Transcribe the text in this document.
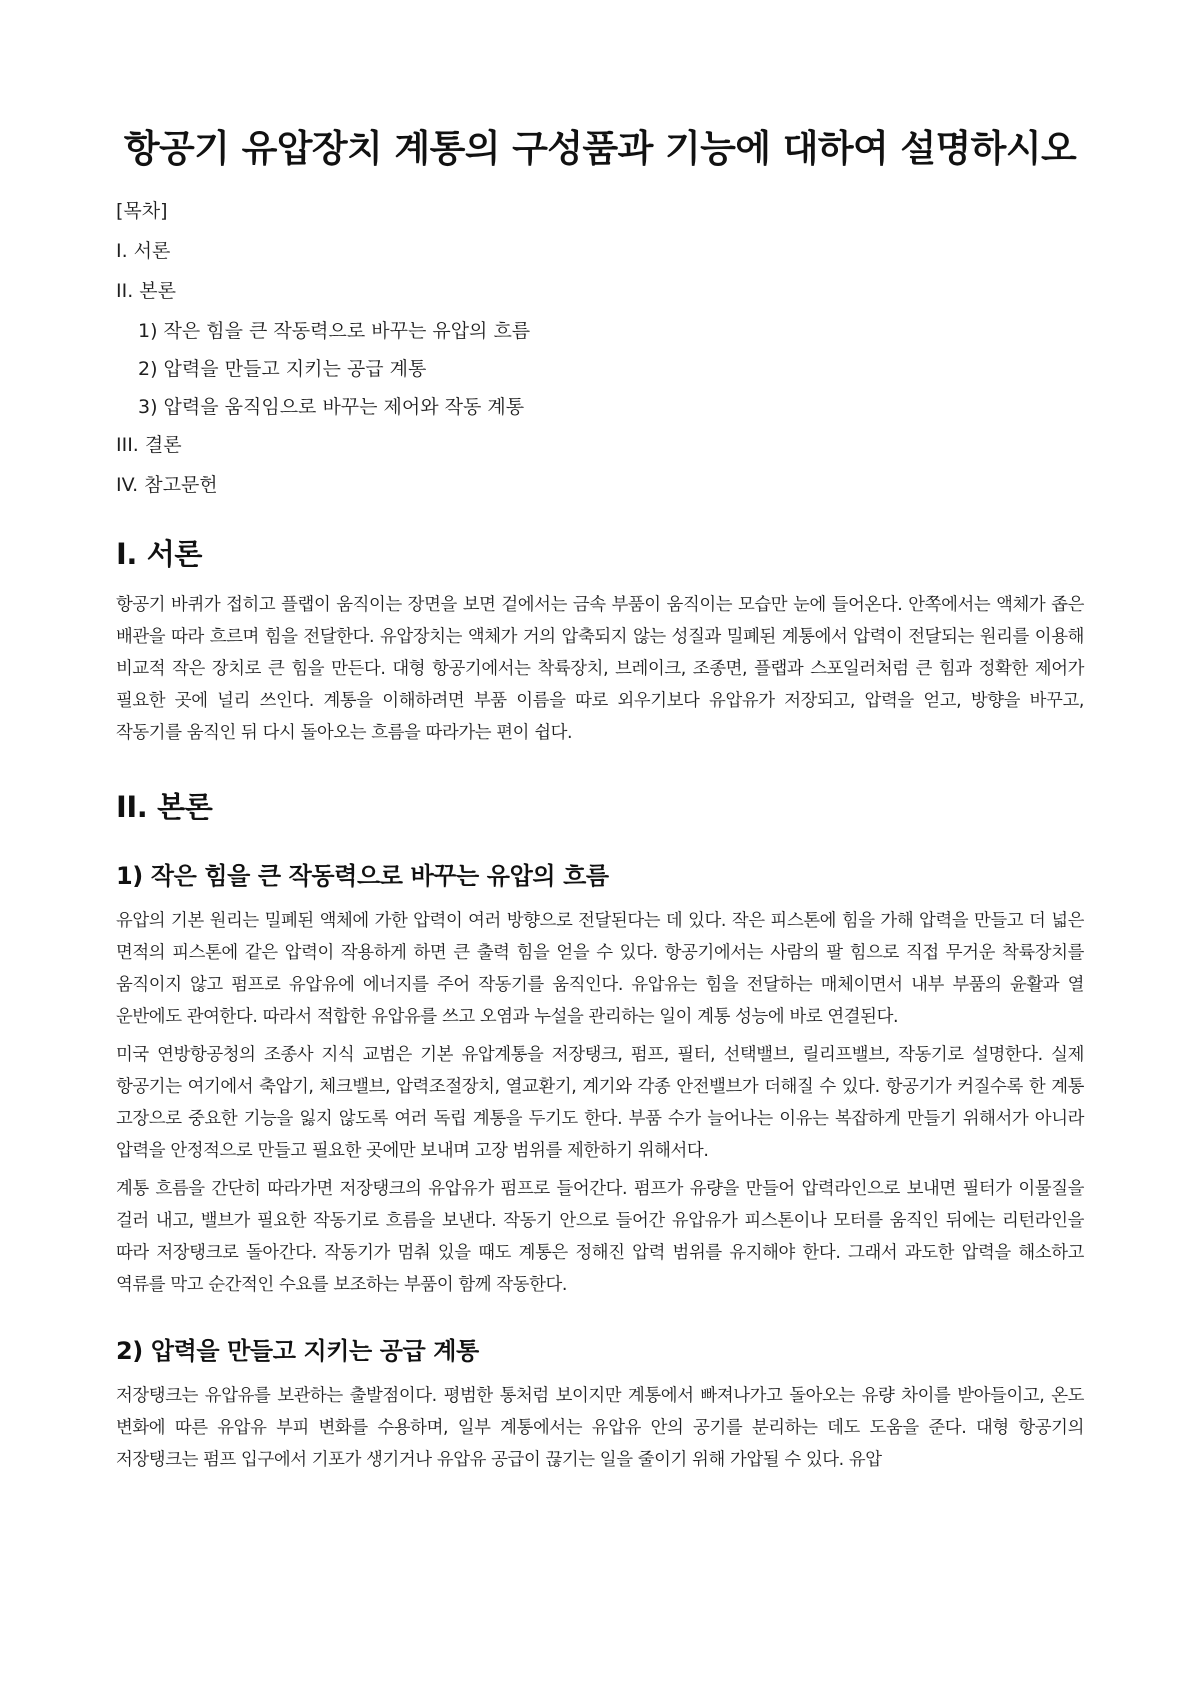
항공기 유압장치 계통의 구성품과 기능에 대하여 설명하시오
[목차]
I. 서론
II. 본론
1) 작은 힘을 큰 작동력으로 바꾸는 유압의 흐름
2) 압력을 만들고 지키는 공급 계통
3) 압력을 움직임으로 바꾸는 제어와 작동 계통
III. 결론
IV. 참고문헌
I. 서론

항공기 바퀴가 접히고 플랩이 움직이는 장면을 보면 겉에서는 금속 부품이 움직이는 모습만 눈에 들어온다. 안쪽에서는 액체가 좁은 배관을 따라 흐르며 힘을 전달한다. 유압장치는 액체가 거의 압축되지 않는 성질과 밀폐된 계통에서 압력이 전달되는 원리를 이용해 비교적 작은 장치로 큰 힘을 만든다. 대형 항공기에서는 착륙장치, 브레이크, 조종면, 플랩과 스포일러처럼 큰 힘과 정확한 제어가 필요한 곳에 널리 쓰인다. 계통을 이해하려면 부품 이름을 따로 외우기보다 유압유가 저장되고, 압력을 얻고, 방향을 바꾸고, 작동기를 움직인 뒤 다시 돌아오는 흐름을 따라가는 편이 쉽다.

II. 본론
1) 작은 힘을 큰 작동력으로 바꾸는 유압의 흐름

유압의 기본 원리는 밀폐된 액체에 가한 압력이 여러 방향으로 전달된다는 데 있다. 작은 피스톤에 힘을 가해 압력을 만들고 더 넓은 면적의 피스톤에 같은 압력이 작용하게 하면 큰 출력 힘을 얻을 수 있다. 항공기에서는 사람의 팔 힘으로 직접 무거운 착륙장치를 움직이지 않고 펌프로 유압유에 에너지를 주어 작동기를 움직인다. 유압유는 힘을 전달하는 매체이면서 내부 부품의 윤활과 열 운반에도 관여한다. 따라서 적합한 유압유를 쓰고 오염과 누설을 관리하는 일이 계통 성능에 바로 연결된다.

미국 연방항공청의 조종사 지식 교범은 기본 유압계통을 저장탱크, 펌프, 필터, 선택밸브, 릴리프밸브, 작동기로 설명한다. 실제 항공기는 여기에서 축압기, 체크밸브, 압력조절장치, 열교환기, 계기와 각종 안전밸브가 더해질 수 있다. 항공기가 커질수록 한 계통 고장으로 중요한 기능을 잃지 않도록 여러 독립 계통을 두기도 한다. 부품 수가 늘어나는 이유는 복잡하게 만들기 위해서가 아니라 압력을 안정적으로 만들고 필요한 곳에만 보내며 고장 범위를 제한하기 위해서다.

계통 흐름을 간단히 따라가면 저장탱크의 유압유가 펌프로 들어간다. 펌프가 유량을 만들어 압력라인으로 보내면 필터가 이물질을 걸러 내고, 밸브가 필요한 작동기로 흐름을 보낸다. 작동기 안으로 들어간 유압유가 피스톤이나 모터를 움직인 뒤에는 리턴라인을 따라 저장탱크로 돌아간다. 작동기가 멈춰 있을 때도 계통은 정해진 압력 범위를 유지해야 한다. 그래서 과도한 압력을 해소하고 역류를 막고 순간적인 수요를 보조하는 부품이 함께 작동한다.

2) 압력을 만들고 지키는 공급 계통

저장탱크는 유압유를 보관하는 출발점이다. 평범한 통처럼 보이지만 계통에서 빠져나가고 돌아오는 유량 차이를 받아들이고, 온도 변화에 따른 유압유 부피 변화를 수용하며, 일부 계통에서는 유압유 안의 공기를 분리하는 데도 도움을 준다. 대형 항공기의 저장탱크는 펌프 입구에서 기포가 생기거나 유압유 공급이 끊기는 일을 줄이기 위해 가압될 수 있다. 유압
